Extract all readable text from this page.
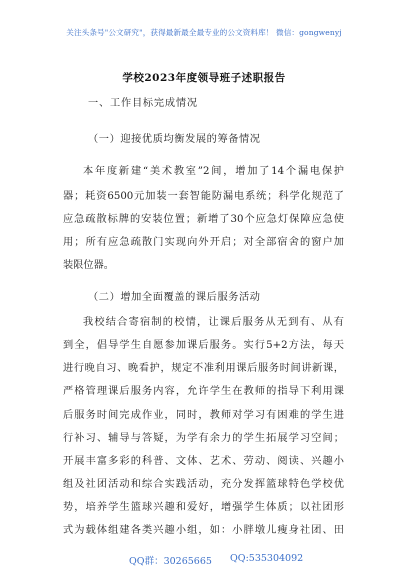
关注头条号"公文研究"，获得最新最全最专业的公文资料库！ 微信：gongwenyj
学校2023年度领导班子述职报告
一、工作目标完成情况
（一）迎接优质均衡发展的筹备情况
本年度新建“美术教室”2间，增加了14个漏电保护
器；耗资6500元加装一套智能防漏电系统；科学化规范了
应急疏散标牌的安装位置；新增了30个应急灯保障应急使
用；所有应急疏散门实现向外开启；对全部宿舍的窗户加
装限位器。
（二）增加全面覆盖的课后服务活动
我校结合寄宿制的校情，让课后服务从无到有、从有
到全，倡导学生自愿参加课后服务。实行5+2方法，每天
进行晚自习、晚看护，规定不准利用课后服务时间讲新课，
严格管理课后服务内容，允许学生在教师的指导下利用课
后服务时间完成作业，同时，教师对学习有困难的学生进
行补习、辅导与答疑，为学有余力的学生拓展学习空间；
开展丰富多彩的科普、文体、艺术、劳动、阅读、兴趣小
组及社团活动和综合实践活动，充分发挥篮球特色学校优
势，培养学生篮球兴趣和爱好，增强学生体质；以社团形
式为载体组建各类兴趣小组，如：小胖墩儿瘦身社团、田
QQ群：30265665 QQ:535304092
